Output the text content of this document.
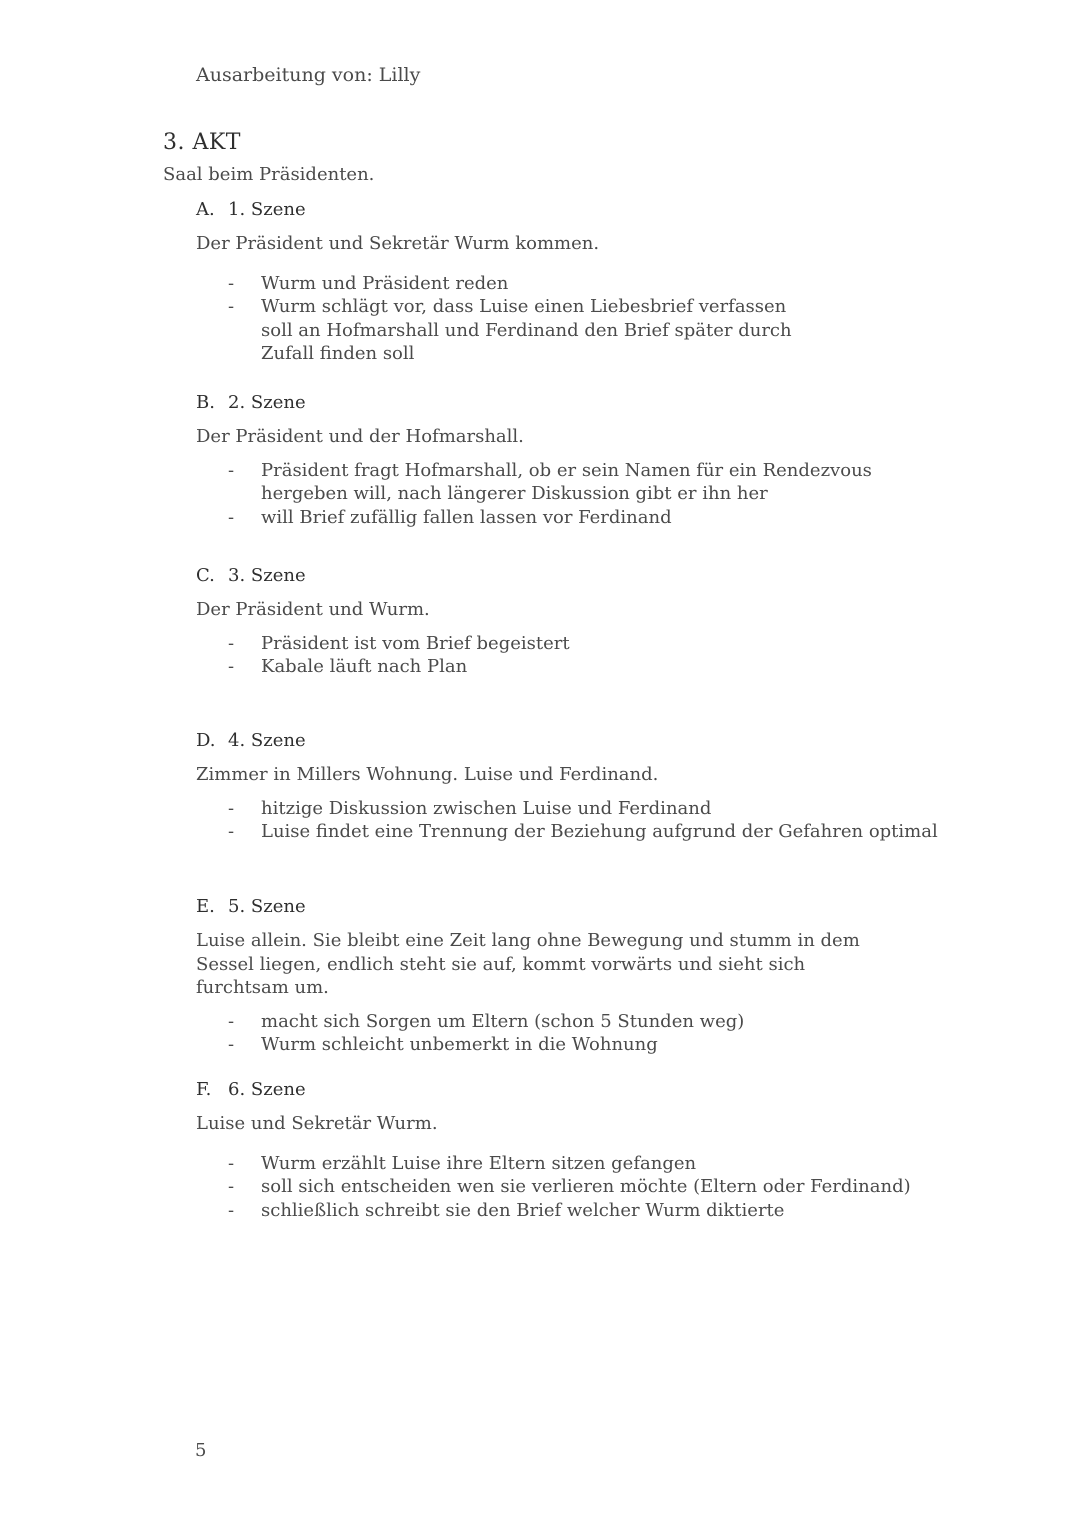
Ausarbeitung von: Lilly
3. AKT
Saal beim Präsidenten.
A. 1. Szene
Der Präsident und Sekretär Wurm kommen.
- Wurm und Präsident reden
- Wurm schlägt vor, dass Luise einen Liebesbrief verfassen soll an Hofmarshall und Ferdinand den Brief später durch Zufall finden soll
B. 2. Szene
Der Präsident und der Hofmarshall.
- Präsident fragt Hofmarshall, ob er sein Namen für ein Rendezvous hergeben will, nach längerer Diskussion gibt er ihn her
- will Brief zufällig fallen lassen vor Ferdinand
C. 3. Szene
Der Präsident und Wurm.
- Präsident ist vom Brief begeistert
- Kabale läuft nach Plan
D. 4. Szene
Zimmer in Millers Wohnung. Luise und Ferdinand.
- hitzige Diskussion zwischen Luise und Ferdinand
- Luise findet eine Trennung der Beziehung aufgrund der Gefahren optimal
E. 5. Szene
Luise allein. Sie bleibt eine Zeit lang ohne Bewegung und stumm in dem Sessel liegen, endlich steht sie auf, kommt vorwärts und sieht sich furchtsam um.
- macht sich Sorgen um Eltern (schon 5 Stunden weg)
- Wurm schleicht unbemerkt in die Wohnung
F. 6. Szene
Luise und Sekretär Wurm.
- Wurm erzählt Luise ihre Eltern sitzen gefangen
- soll sich entscheiden wen sie verlieren möchte (Eltern oder Ferdinand)
- schließlich schreibt sie den Brief welcher Wurm diktierte
5
